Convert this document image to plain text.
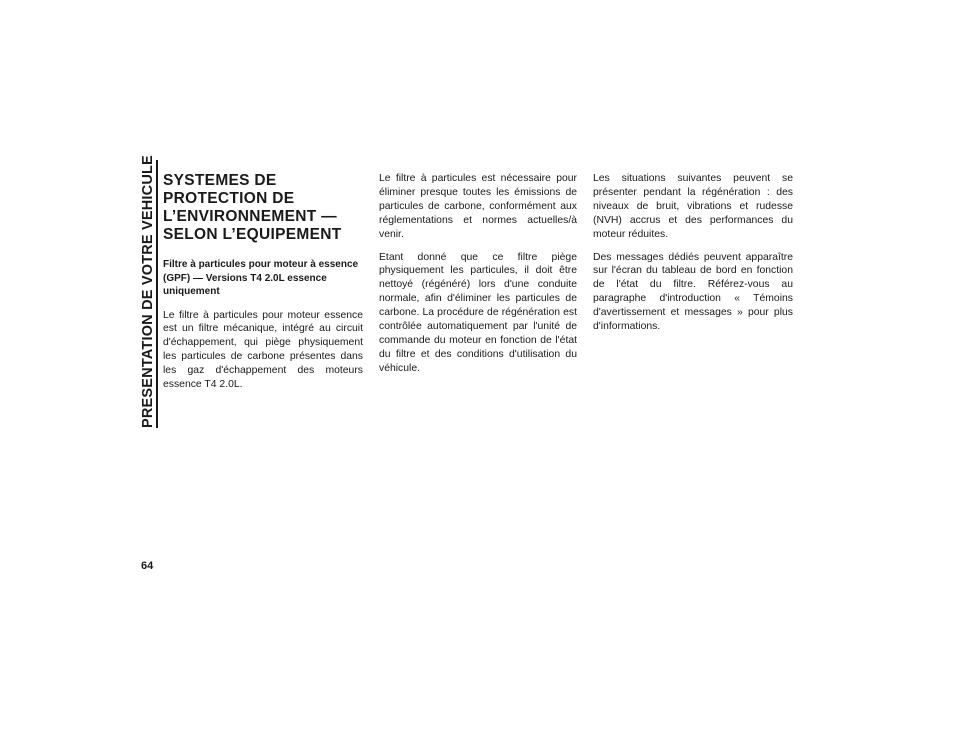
PRESENTATION DE VOTRE VEHICULE
64
SYSTEMES DE PROTECTION DE L’ENVIRONNEMENT — SELON L’EQUIPEMENT
Filtre à particules pour moteur à essence (GPF) — Versions T4 2.0L essence uniquement

Le filtre à particules pour moteur essence est un filtre mécanique, intégré au circuit d'échappement, qui piège physiquement les particules de carbone présentes dans les gaz d'échappement des moteurs essence T4 2.0L.

Le filtre à particules est nécessaire pour éliminer presque toutes les émissions de particules de carbone, conformément aux réglementations et normes actuelles/à venir.

Etant donné que ce filtre piège physiquement les particules, il doit être nettoyé (régénéré) lors d'une conduite normale, afin d'éliminer les particules de carbone. La procédure de régénération est contrôlée automatiquement par l'unité de commande du moteur en fonction de l'état du filtre et des conditions d'utilisation du véhicule.

Les situations suivantes peuvent se présenter pendant la régénération : des niveaux de bruit, vibrations et rudesse (NVH) accrus et des performances du moteur réduites.

Des messages dédiés peuvent apparaître sur l'écran du tableau de bord en fonction de l'état du filtre. Référez-vous au paragraphe d'introduction « Témoins d'avertissement et messages » pour plus d'informations.
